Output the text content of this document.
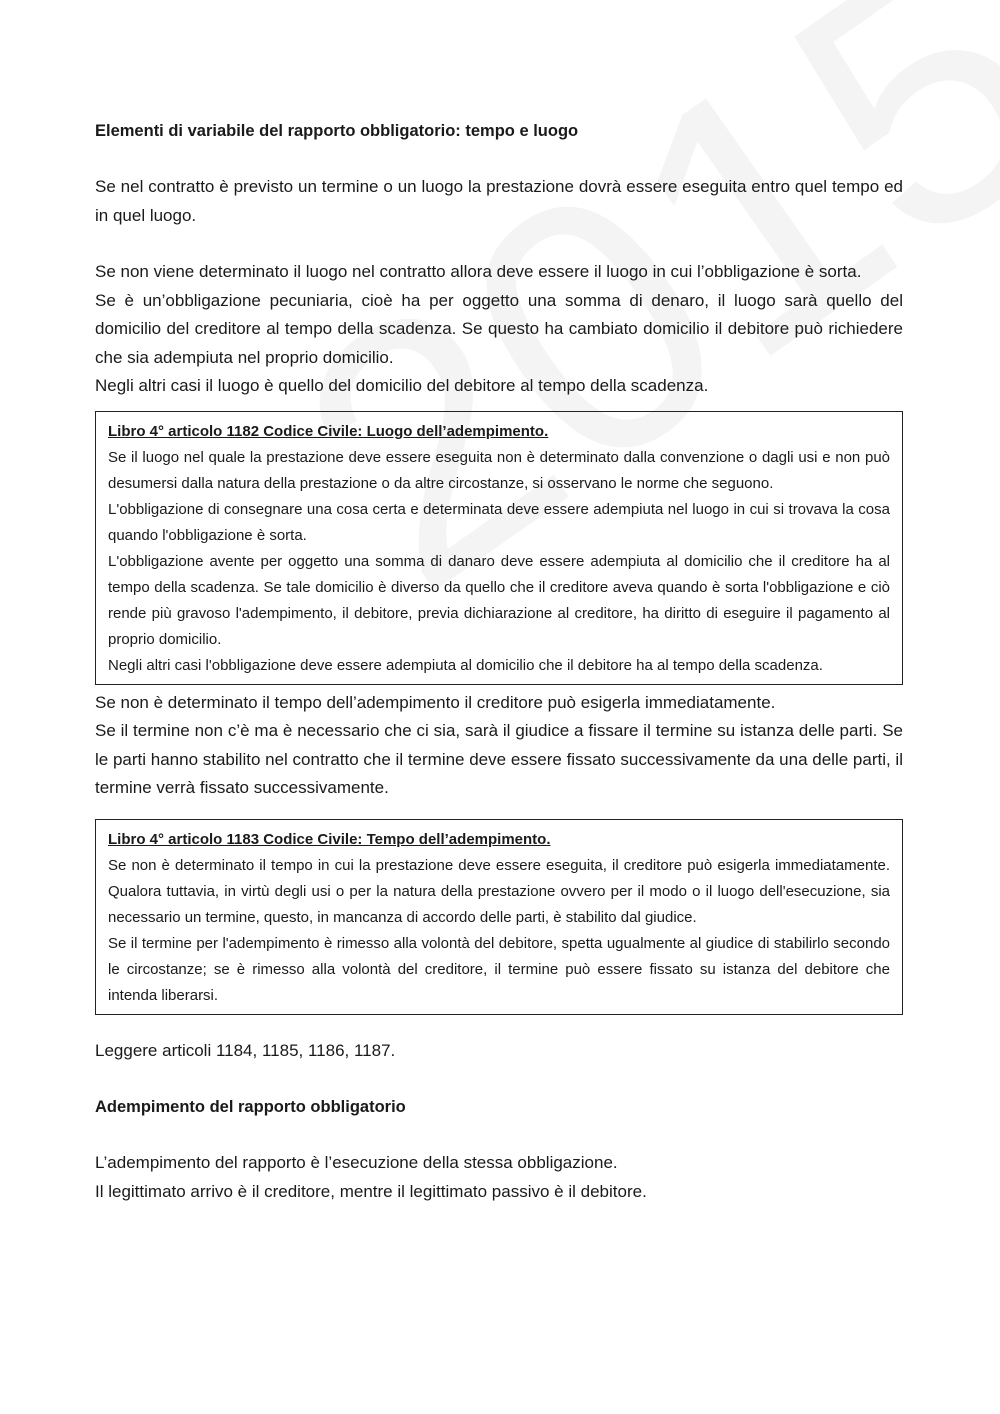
Elementi di variabile del rapporto obbligatorio: tempo e luogo

Se nel contratto è previsto un termine o un luogo la prestazione dovrà essere eseguita entro quel tempo ed in quel luogo.

Se non viene determinato il luogo nel contratto allora deve essere il luogo in cui l’obbligazione è sorta.

Se è un’obbligazione pecuniaria, cioè ha per oggetto una somma di denaro, il luogo sarà quello del domicilio del creditore al tempo della scadenza. Se questo ha cambiato domicilio il debitore può richiedere che sia adempiuta nel proprio domicilio.

Negli altri casi il luogo è quello del domicilio del debitore al tempo della scadenza.

Libro 4° articolo 1182 Codice Civile: Luogo dell’adempimento.

Se il luogo nel quale la prestazione deve essere eseguita non è determinato dalla convenzione o dagli usi e non può desumersi dalla natura della prestazione o da altre circostanze, si osservano le norme che seguono.

L'obbligazione di consegnare una cosa certa e determinata deve essere adempiuta nel luogo in cui si trovava la cosa quando l'obbligazione è sorta.

L'obbligazione avente per oggetto una somma di danaro deve essere adempiuta al domicilio che il creditore ha al tempo della scadenza. Se tale domicilio è diverso da quello che il creditore aveva quando è sorta l'obbligazione e ciò rende più gravoso l'adempimento, il debitore, previa dichiarazione al creditore, ha diritto di eseguire il pagamento al proprio domicilio.

Negli altri casi l'obbligazione deve essere adempiuta al domicilio che il debitore ha al tempo della scadenza.

Se non è determinato il tempo dell’adempimento il creditore può esigerla immediatamente.

Se il termine non c’è ma è necessario che ci sia, sarà il giudice a fissare il termine su istanza delle parti. Se le parti hanno stabilito nel contratto che il termine deve essere fissato successivamente da una delle parti, il termine verrà fissato successivamente.

Libro 4° articolo 1183 Codice Civile: Tempo dell’adempimento.

Se non è determinato il tempo in cui la prestazione deve essere eseguita, il creditore può esigerla immediatamente. Qualora tuttavia, in virtù degli usi o per la natura della prestazione ovvero per il modo o il luogo dell'esecuzione, sia necessario un termine, questo, in mancanza di accordo delle parti, è stabilito dal giudice.

Se il termine per l'adempimento è rimesso alla volontà del debitore, spetta ugualmente al giudice di stabilirlo secondo le circostanze; se è rimesso alla volontà del creditore, il termine può essere fissato su istanza del debitore che intenda liberarsi.

Leggere articoli 1184, 1185, 1186, 1187.

Adempimento del rapporto obbligatorio

L’adempimento del rapporto è l’esecuzione della stessa obbligazione.

Il legittimato arrivo è il creditore, mentre il legittimato passivo è il debitore.
